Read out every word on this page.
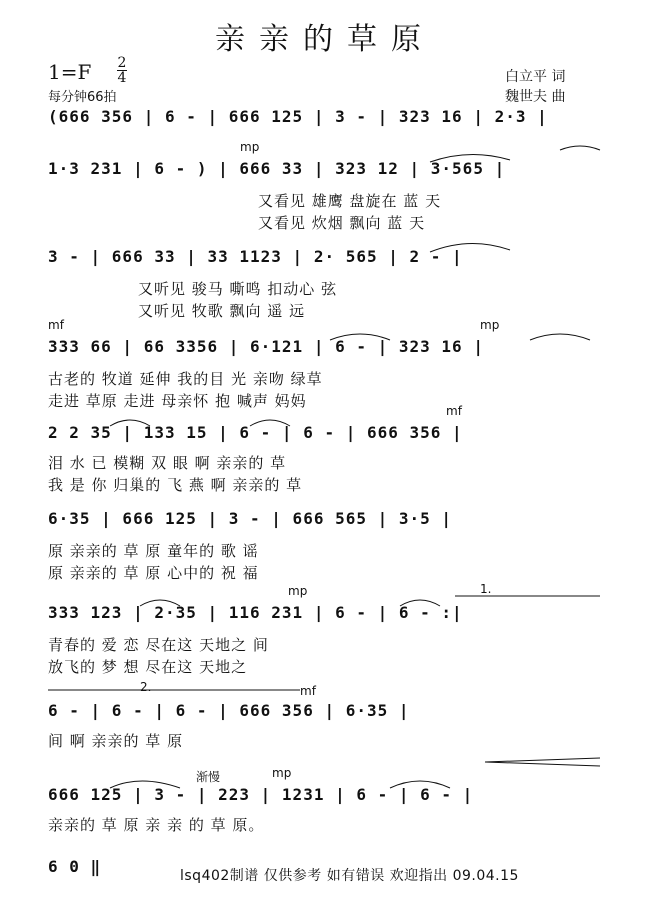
亲亲的草原
1=F 2
4
每分钟66拍
白立平 词
魏世夫 曲
(666 356 | 6 - | 666 125 | 3 - | 323 16 | 2·3 |
mp
1·3 231 | 6 - ) | 666 33 | 323 12 | 3·565 |
又看见 雄鹰 盘旋在 蓝 天
又看见 炊烟 飘向 蓝 天
3 - | 666 33 | 33 1123 | 2· 565 | 2 - |
又听见 骏马 嘶鸣 扣动心 弦
又听见 牧歌 飘向 遥 远
mf	mp
333 66 | 66 3356 | 6·121 | 6 - | 323 16 |
古老的 牧道 延伸 我的目 光 亲吻 绿草
走进 草原 走进 母亲怀 抱 喊声 妈妈
mf
2 2 35 | 133 15 | 6 - | 6 - | 666 356 |
泪 水 已 模糊 双 眼 啊 亲亲的 草
我 是 你 归巢的 飞 燕 啊 亲亲的 草
6·35 | 666 125 | 3 - | 666 565 | 3·5 |
原 亲亲的 草 原 童年的 歌 谣
原 亲亲的 草 原 心中的 祝 福
mp	1.
333 123 | 2·35 | 116 231 | 6 - | 6 - :|
青春的 爱 恋 尽在这 天地之 间
放飞的 梦 想 尽在这 天地之
2.	mf
6 - | 6 - | 6 - | 666 356 | 6·35 |
间 啊 亲亲的 草 原
渐慢	mp
666 125 | 3 - | 223 | 1231 | 6 - | 6 - |
亲亲的 草 原 亲 亲 的 草 原。
6 0 ‖	lsq402制谱 仅供参考 如有错误 欢迎指出 09.04.15
